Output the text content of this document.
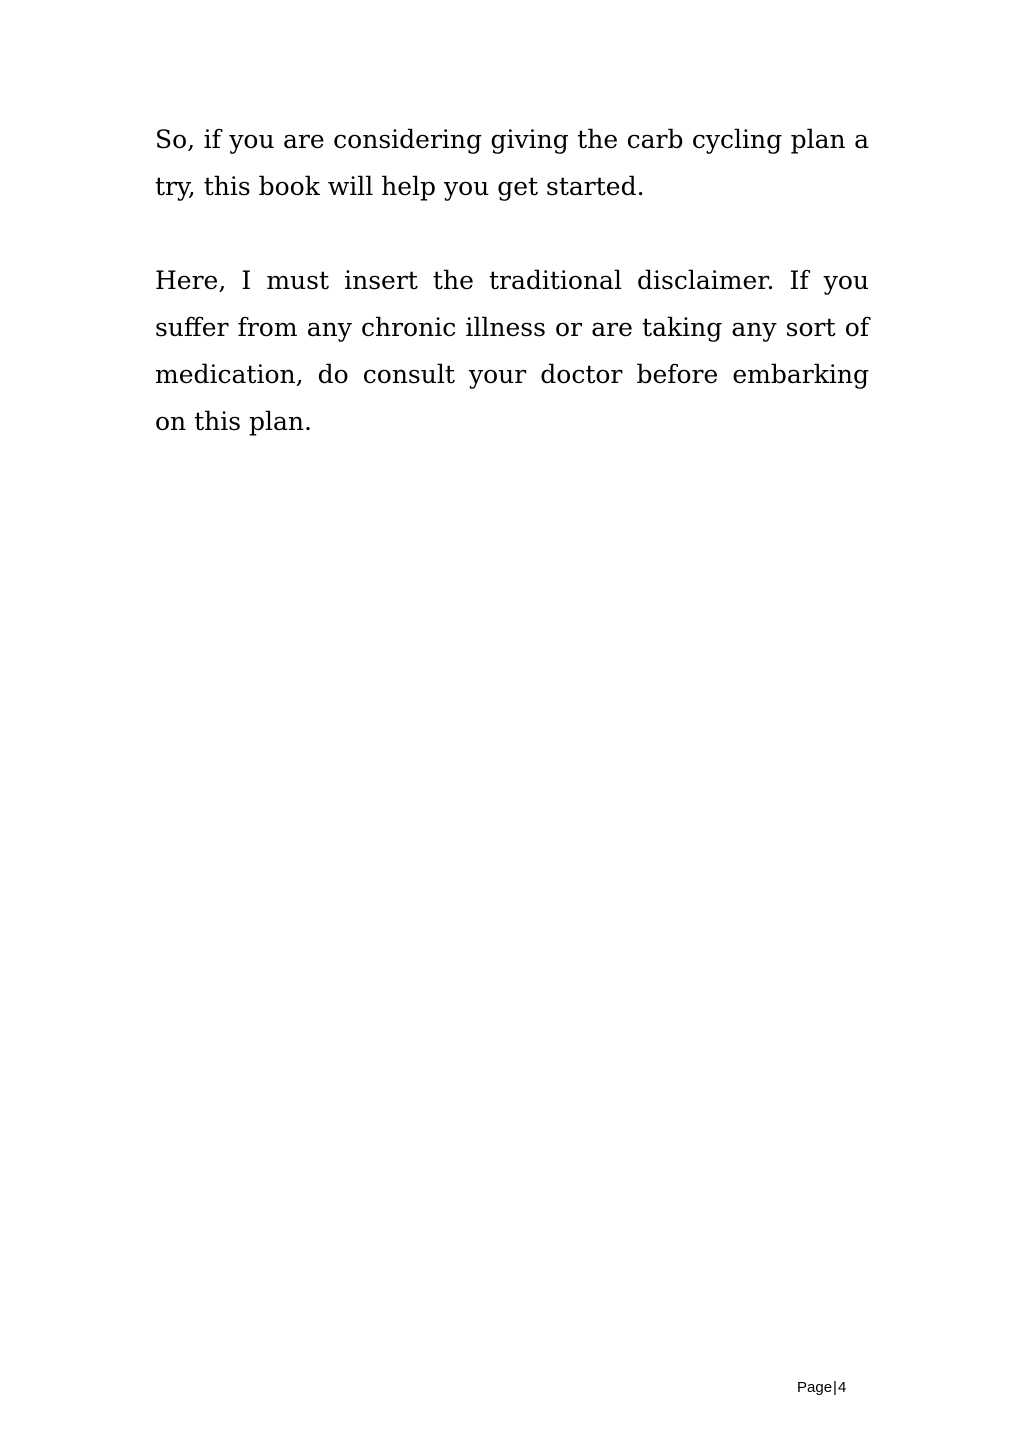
So, if you are considering giving the carb cycling plan a try, this book will help you get started.

Here, I must insert the traditional disclaimer. If you suffer from any chronic illness or are taking any sort of medication, do consult your doctor before embarking on this plan.

Page|4
